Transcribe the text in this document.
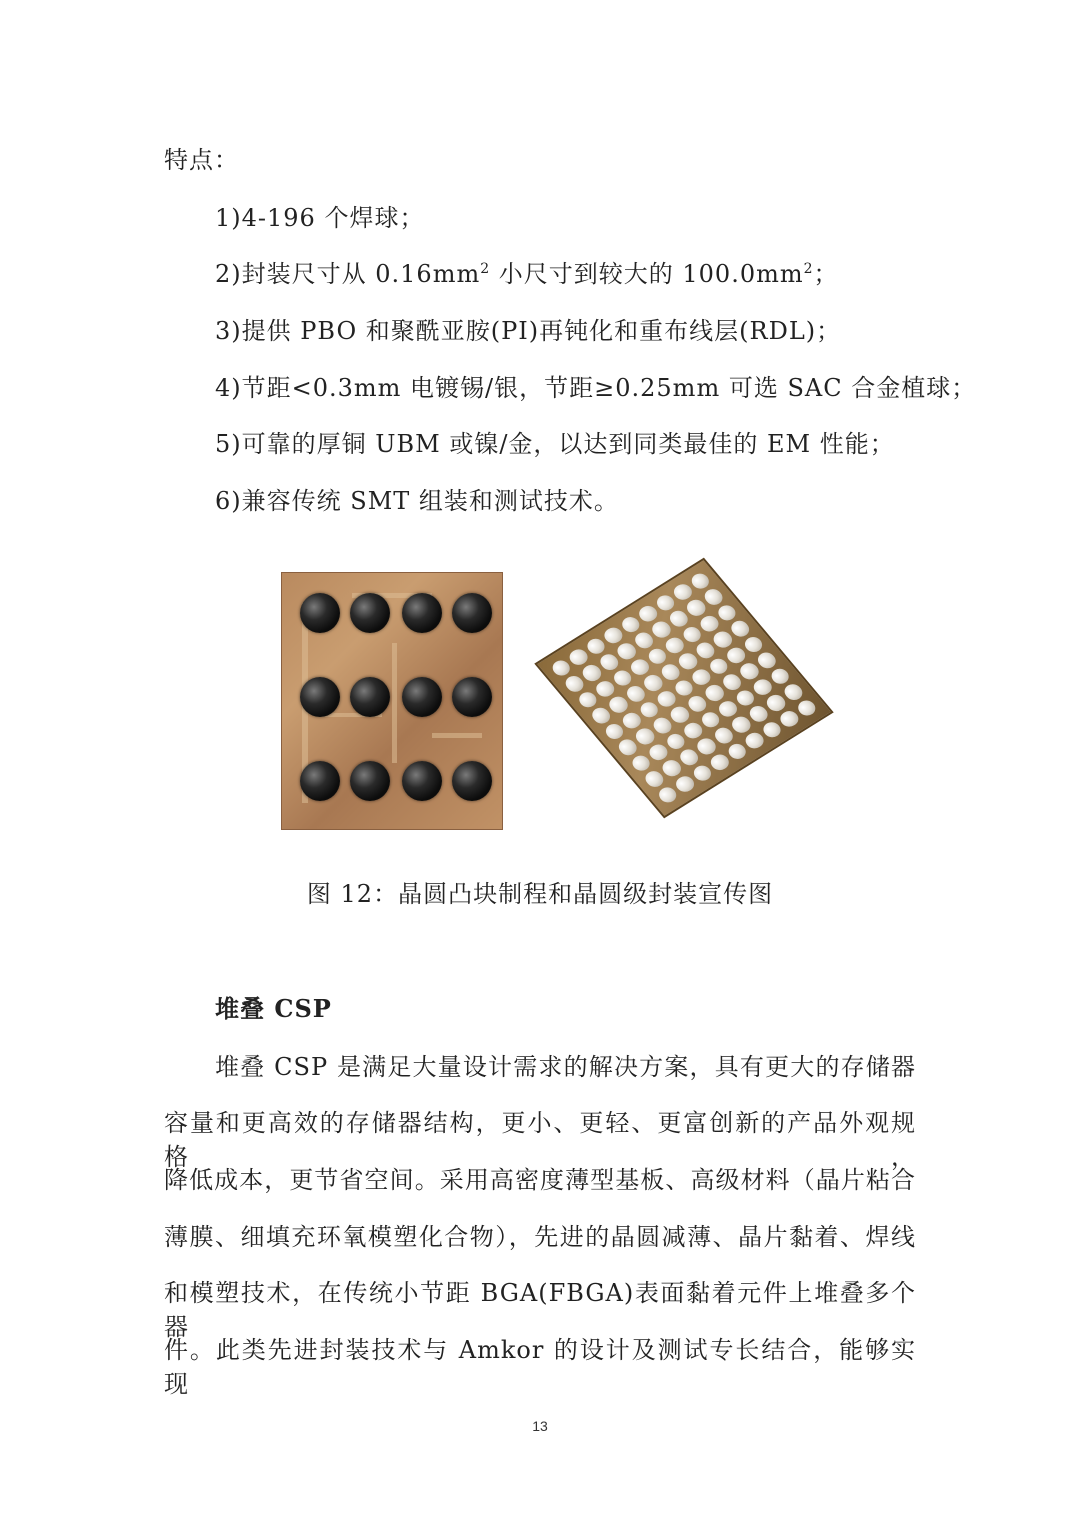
特点：
1)4-196 个焊球；
2)封装尺寸从 $0.16mm^2$ 小尺寸到较大的 $100.0mm^2$；
3)提供 PBO 和聚酰亚胺(PI)再钝化和重布线层(RDL)；
4)节距<0.3mm 电镀锡/银，节距≥0.25mm 可选 SAC 合金植球；
5)可靠的厚铜 UBM 或镍/金，以达到同类最佳的 EM 性能；
6)兼容传统 SMT 组装和测试技术。
图 12：晶圆凸块制程和晶圆级封装宣传图
堆叠 CSP
堆叠 CSP 是满足大量设计需求的解决方案，具有更大的存储器
容量和更高效的存储器结构，更小、更轻、更富创新的产品外观规格，
降低成本，更节省空间。采用高密度薄型基板、高级材料（晶片粘合
薄膜、细填充环氧模塑化合物），先进的晶圆减薄、晶片黏着、焊线
和模塑技术，在传统小节距 BGA(FBGA)表面黏着元件上堆叠多个器
件。此类先进封装技术与 Amkor 的设计及测试专长结合，能够实现
13
